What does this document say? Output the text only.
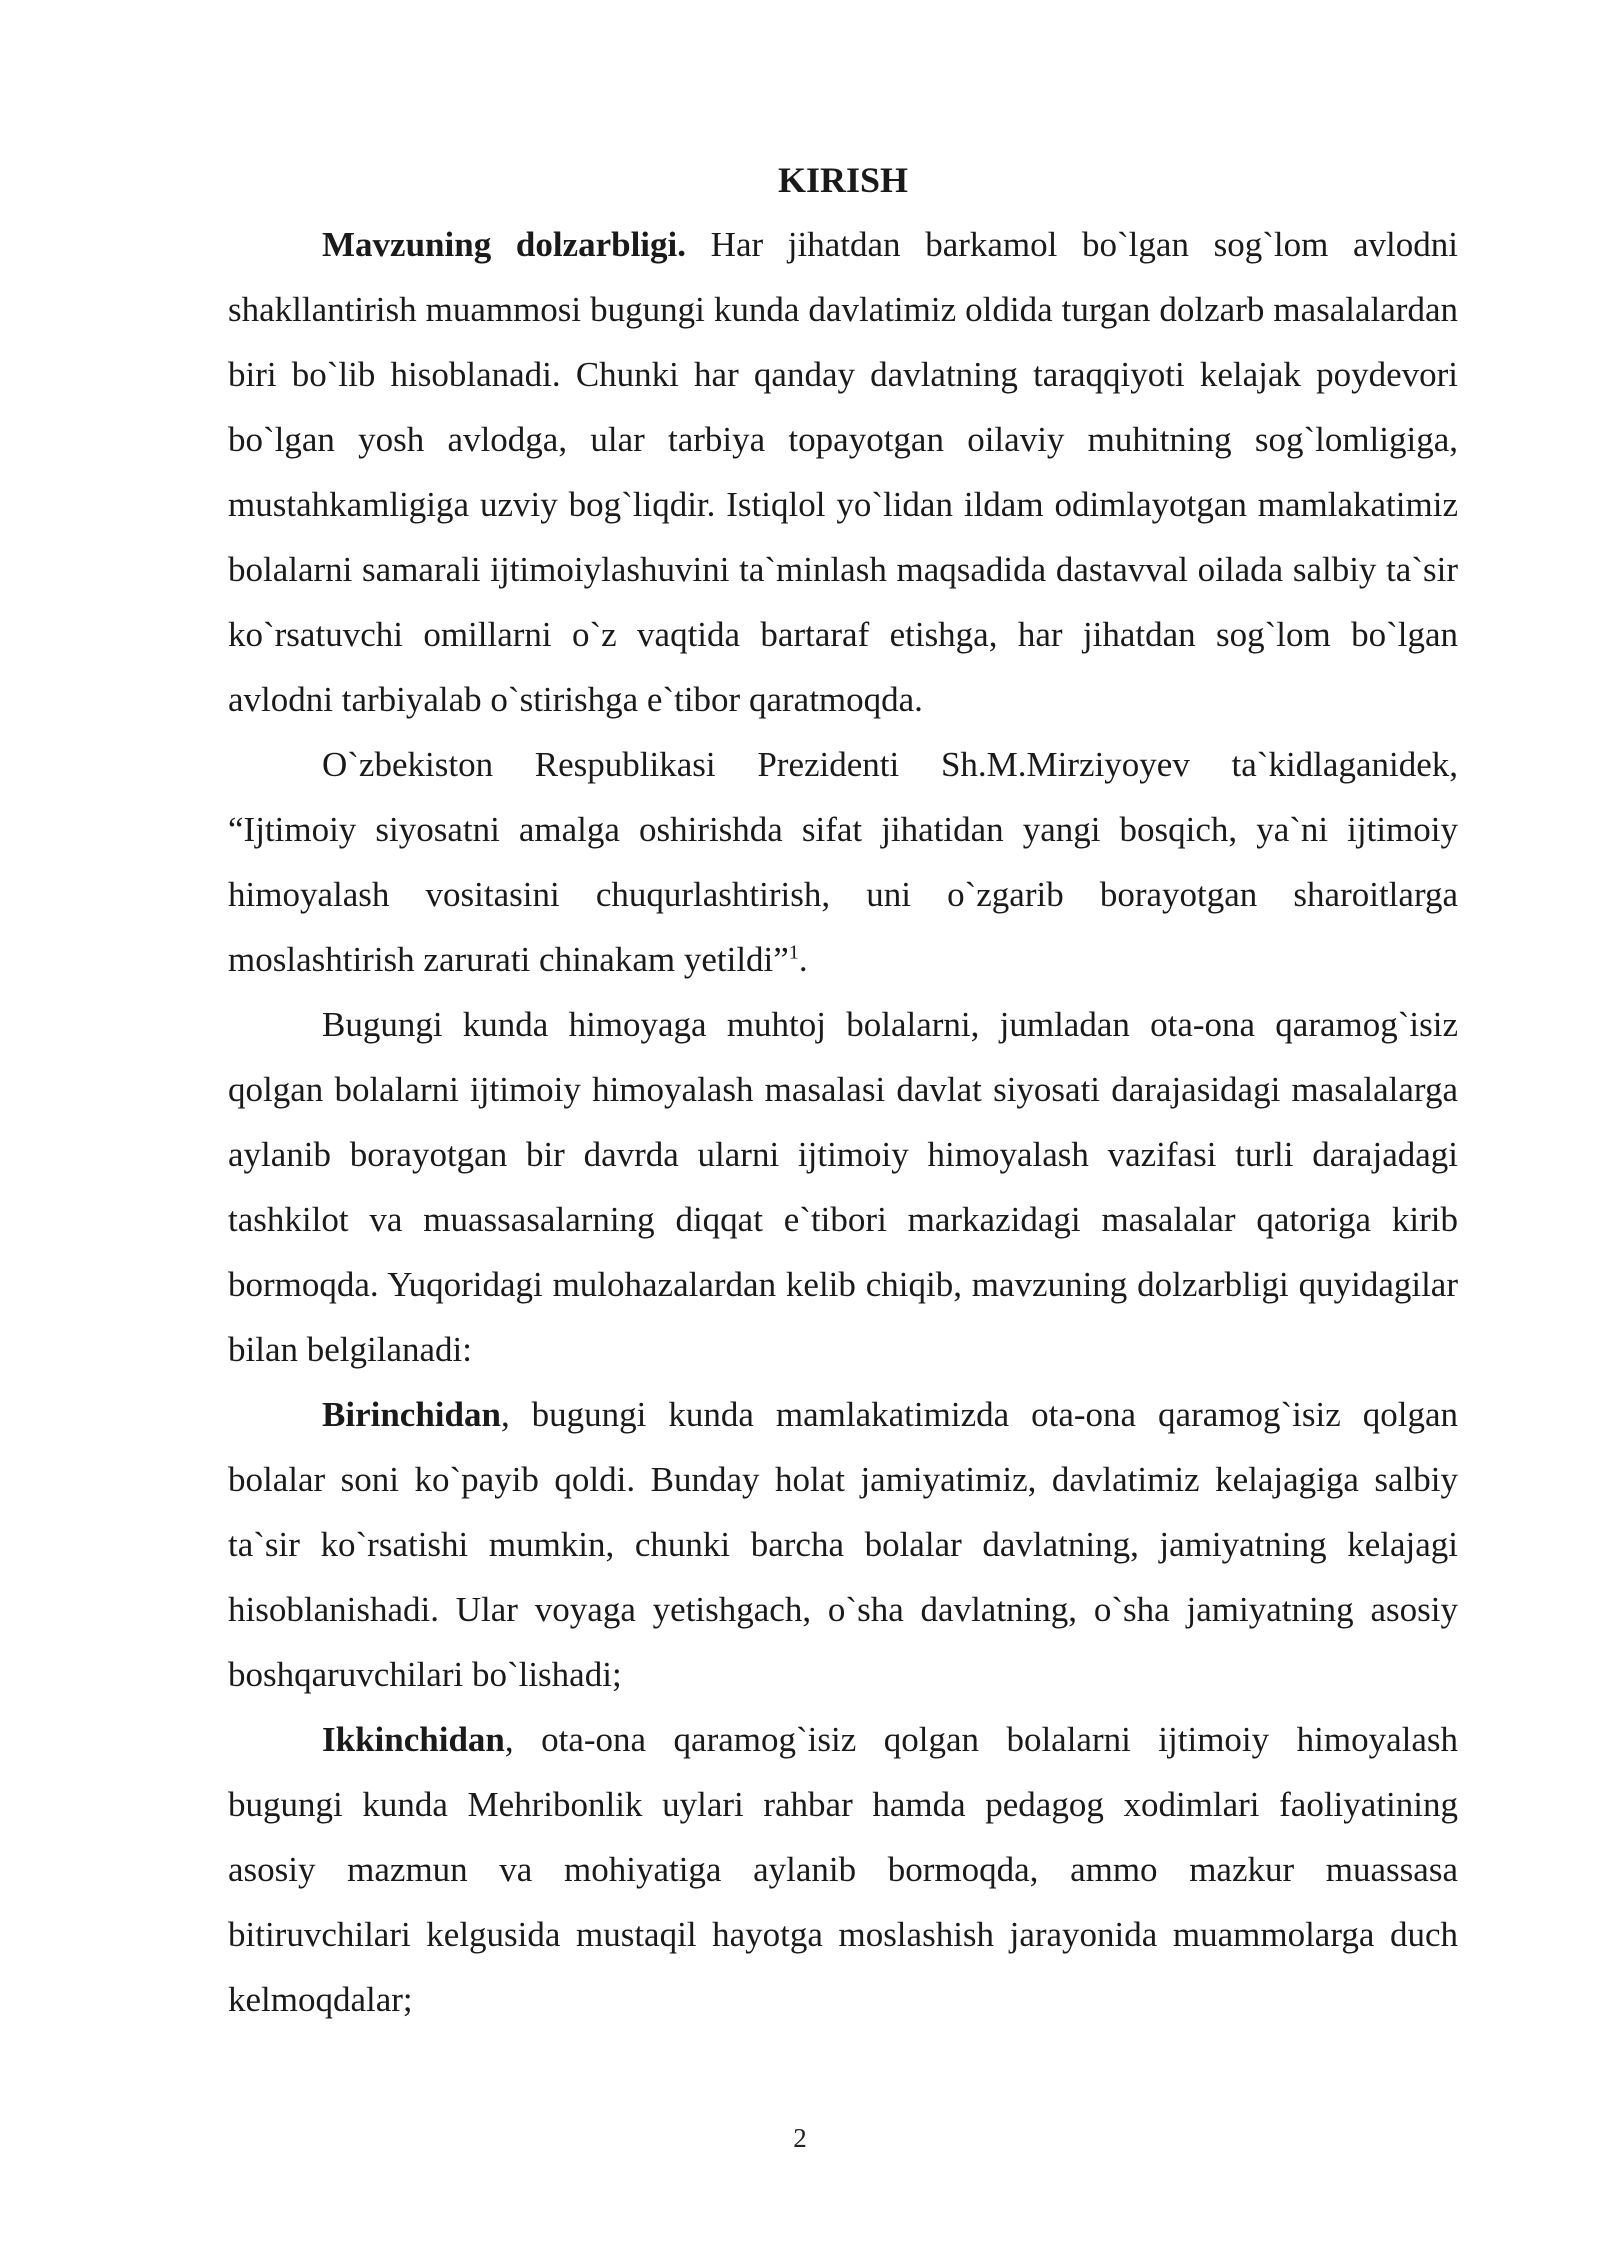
KIRISH

Mavzuning dolzarbligi. Har jihatdan barkamol bo`lgan sog`lom avlodni shakllantirish muammosi bugungi kunda davlatimiz oldida turgan dolzarb masalalardan biri bo`lib hisoblanadi. Chunki har qanday davlatning taraqqiyoti kelajak poydevori bo`lgan yosh avlodga, ular tarbiya topayotgan oilaviy muhitning sog`lomligiga, mustahkamligiga uzviy bog`liqdir. Istiqlol yo`lidan ildam odimlayotgan mamlakatimiz bolalarni samarali ijtimoiylashuvini ta`minlash maqsadida dastavval oilada salbiy ta`sir ko`rsatuvchi omillarni o`z vaqtida bartaraf etishga, har jihatdan sog`lom bo`lgan avlodni tarbiyalab o`stirishga e`tibor qaratmoqda.

O`zbekiston Respublikasi Prezidenti Sh.M.Mirziyoyev ta`kidlaganidek, “Ijtimoiy siyosatni amalga oshirishda sifat jihatidan yangi bosqich, ya`ni ijtimoiy himoyalash vositasini chuqurlashtirish, uni o`zgarib borayotgan sharoitlarga moslashtirish zarurati chinakam yetildi”$^1$.

Bugungi kunda himoyaga muhtoj bolalarni, jumladan ota-ona qaramog`isiz qolgan bolalarni ijtimoiy himoyalash masalasi davlat siyosati darajasidagi masalalarga aylanib borayotgan bir davrda ularni ijtimoiy himoyalash vazifasi turli darajadagi tashkilot va muassasalarning diqqat e`tibori markazidagi masalalar qatoriga kirib bormoqda. Yuqoridagi mulohazalardan kelib chiqib, mavzuning dolzarbligi quyidagilar bilan belgilanadi:

Birinchidan, bugungi kunda mamlakatimizda ota-ona qaramog`isiz qolgan bolalar soni ko`payib qoldi. Bunday holat jamiyatimiz, davlatimiz kelajagiga salbiy ta`sir ko`rsatishi mumkin, chunki barcha bolalar davlatning, jamiyatning kelajagi hisoblanishadi. Ular voyaga yetishgach, o`sha davlatning, o`sha jamiyatning asosiy boshqaruvchilari bo`lishadi;

Ikkinchidan, ota-ona qaramog`isiz qolgan bolalarni ijtimoiy himoyalash bugungi kunda Mehribonlik uylari rahbar hamda pedagog xodimlari faoliyatining asosiy mazmun va mohiyatiga aylanib bormoqda, ammo mazkur muassasa bitiruvchilari kelgusida mustaqil hayotga moslashish jarayonida muammolarga duch kelmoqdalar;

2
